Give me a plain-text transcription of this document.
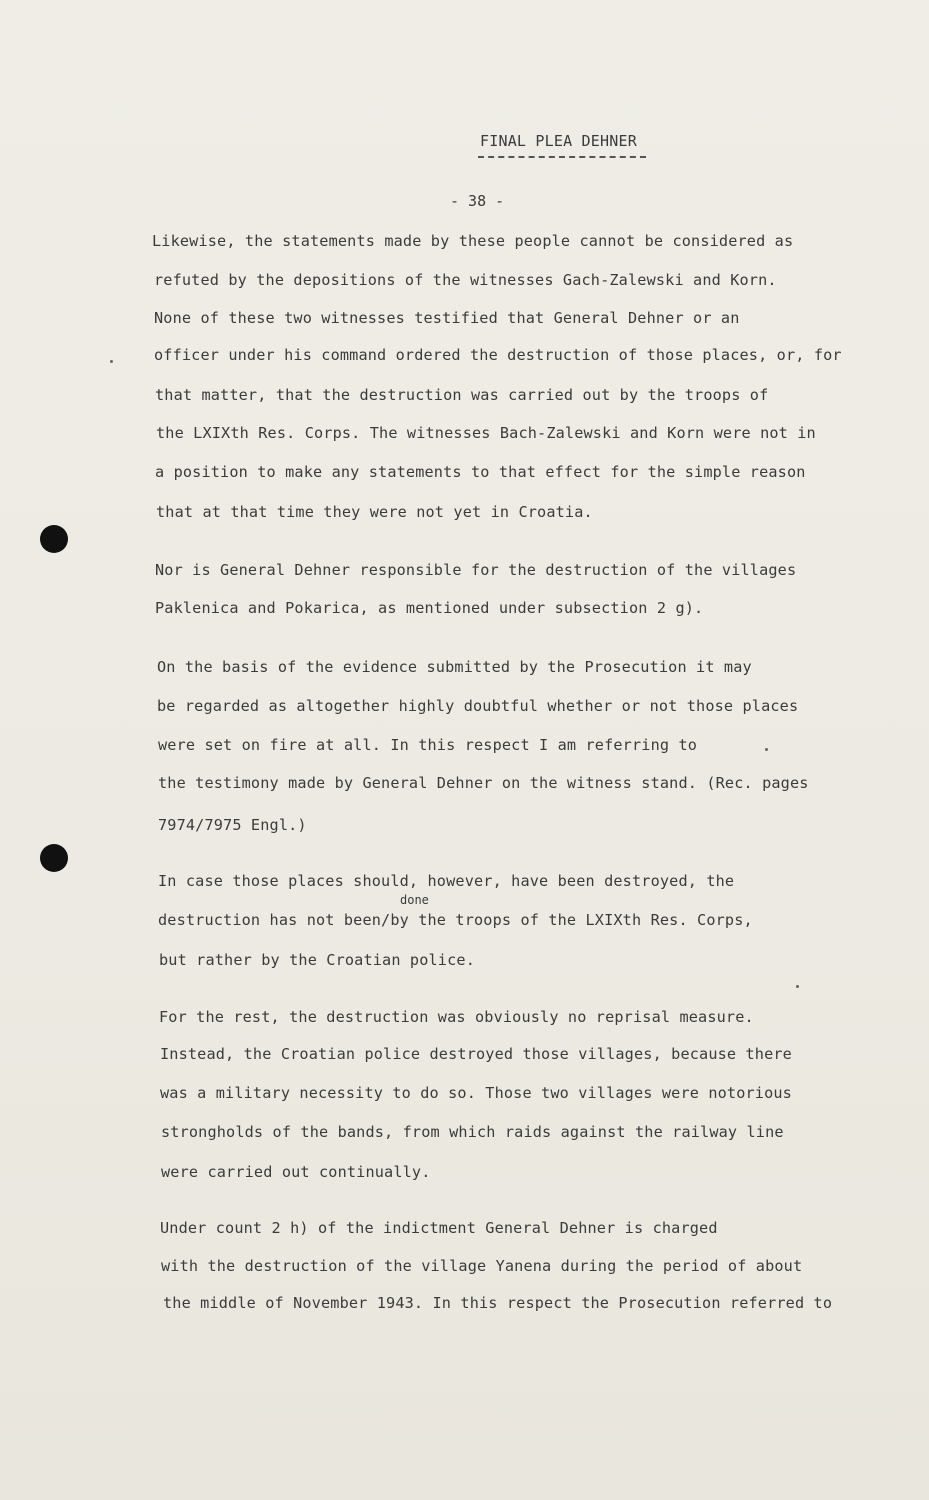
FINAL PLEA DEHNER
- 38 -
Likewise, the statements made by these people cannot be considered as
refuted by the depositions of the witnesses Gach-Zalewski and Korn.
None of these two witnesses testified that General Dehner or an
officer under his command ordered the destruction of those places, or, for
that matter, that the destruction was carried out by the troops of
the LXIXth Res. Corps. The witnesses Bach-Zalewski and Korn were not in
a position to make any statements to that effect for the simple reason
that at that time they were not yet in Croatia.
Nor is General Dehner responsible for the destruction of the villages
Paklenica and Pokarica, as mentioned under subsection 2 g).
On the basis of the evidence submitted by the Prosecution it may
be regarded as altogether highly doubtful whether or not those places
were set on fire at all. In this respect I am referring to
the testimony made by General Dehner on the witness stand. (Rec. pages
7974/7975 Engl.)
In case those places should, however, have been destroyed, the
done
destruction has not been/by the troops of the LXIXth Res. Corps,
but rather by the Croatian police.
For the rest, the destruction was obviously no reprisal measure.
Instead, the Croatian police destroyed those villages, because there
was a military necessity to do so. Those two villages were notorious
strongholds of the bands, from which raids against the railway line
were carried out continually.
Under count 2 h) of the indictment General Dehner is charged
with the destruction of the village Yanena during the period of about
the middle of November 1943. In this respect the Prosecution referred to
